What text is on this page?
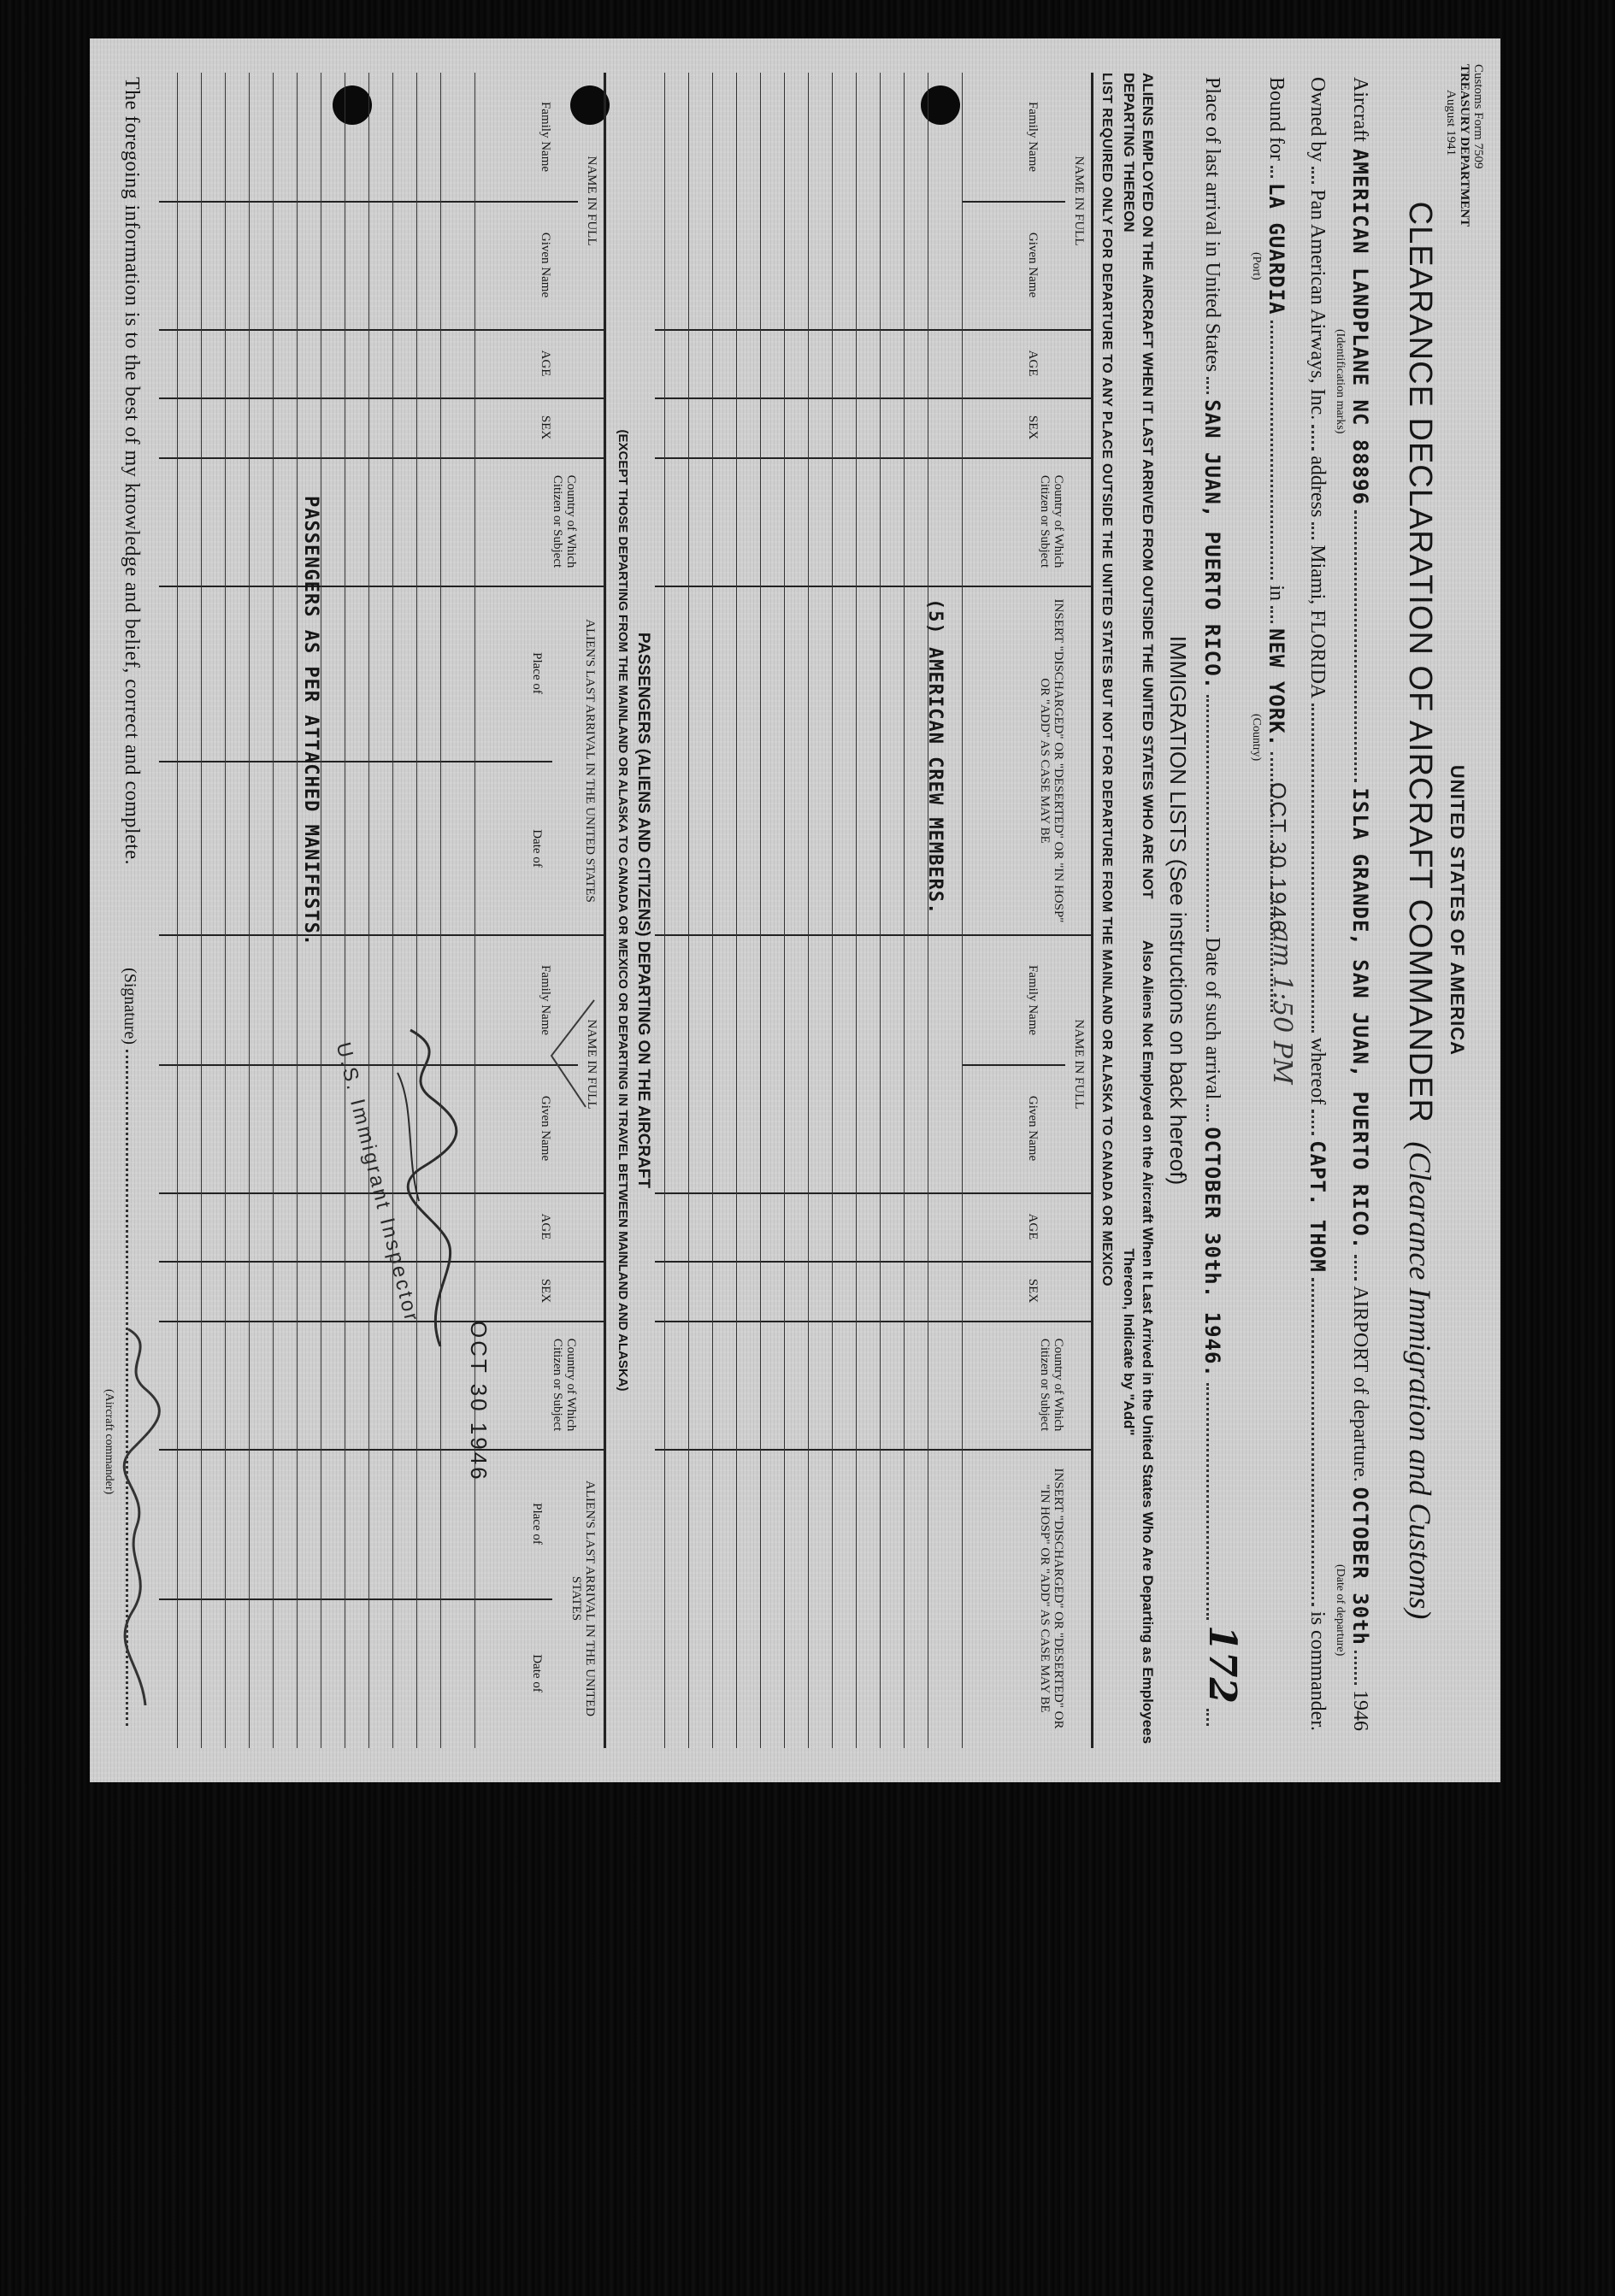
Customs Form 7509
TREASURY DEPARTMENT
August 1941
UNITED STATES OF AMERICA
CLEARANCE DECLARATION OF AIRCRAFT COMMANDER (Clearance Immigration and Customs)
Aircraft
AMERICAN LANDPLANE NC 88896
ISLA GRANDE, SAN JUAN, PUERTO RICO.
AIRPORT of departure.
OCTOBER 30th
1946
(Identification marks)
(Date of departure)
Owned by
Pan American Airways, Inc.
address
Miami, FLORIDA
whereof
CAPT. THOM
is commander.
Bound for
LA GUARDIA
in
NEW YORK.
(Port)
(Country)
am 1:50 PM
OCT 30 1946
Place of last arrival in United States
SAN JUAN, PUERTO RICO.
Date of such arrival
OCTOBER 30th. 1946.
172
IMMIGRATION LISTS (See instructions on back hereof)
ALIENS EMPLOYED ON THE AIRCRAFT WHEN IT LAST ARRIVED FROM OUTSIDE THE UNITED STATES WHO ARE NOT DEPARTING THEREON
Also Aliens Not Employed on the Aircraft When It Last Arrived in the United States Who Are Departing as Employees Thereon, Indicate by "Add"
LIST REQUIRED ONLY FOR DEPARTURE TO ANY PLACE OUTSIDE THE UNITED STATES BUT NOT FOR DEPARTURE FROM THE MAINLAND OR ALASKA TO CANADA OR MEXICO
NAME IN FULL
Family Name
Given Name
AGE
SEX
Country of Which Citizen or Subject
INSERT "DISCHARGED" OR "DESERTED" OR "IN HOSP" OR "ADD" AS CASE MAY BE
(5) AMERICAN CREW MEMBERS.
NAME IN FULL
Family Name
Given Name
AGE
SEX
Country of Which Citizen or Subject
INSERT "DISCHARGED" OR "DESERTED" OR "IN HOSP" OR "ADD" AS CASE MAY BE
PASSENGERS (ALIENS AND CITIZENS) DEPARTING ON THE AIRCRAFT
(EXCEPT THOSE DEPARTING FROM THE MAINLAND OR ALASKA TO CANADA OR MEXICO OR DEPARTING IN TRAVEL BETWEEN MAINLAND AND ALASKA)
NAME IN FULL
Family Name
Given Name
AGE
SEX
Country of Which Citizen or Subject
ALIEN'S LAST ARRIVAL IN THE UNITED STATES
Place of
Date of
PASSENGERS AS PER ATTACHED MANIFESTS.
NAME IN FULL
Family Name
Given Name
AGE
SEX
Country of Which Citizen or Subject
ALIEN'S LAST ARRIVAL IN THE UNITED STATES
Place of
Date of
U.S. Immigrant Inspector
OCT 30 1946
The foregoing information is to the best of my knowledge and belief, correct and complete.
(Signature)
(Aircraft commander)
